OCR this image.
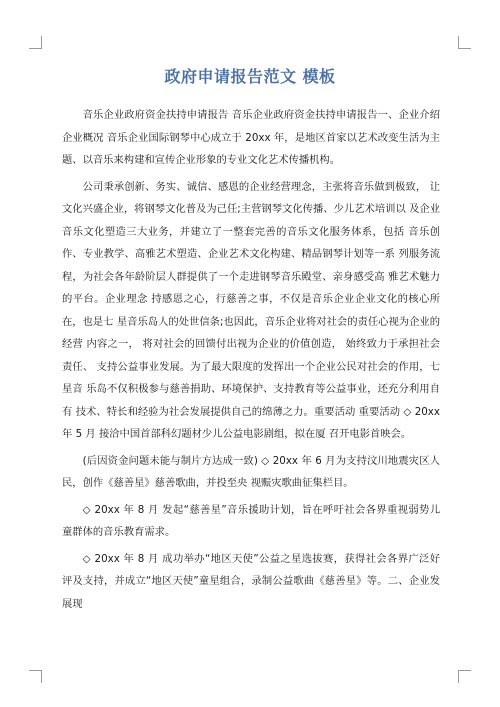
政府申请报告范文 模板

音乐企业政府资金扶持申请报告 音乐企业政府资金扶持申请报告一、企业介绍企业概况 音乐企业国际钢琴中心成立于 20xx 年，是地区首家以艺术改变生活为主题、以音乐来构建和宣传企业形象的专业文化艺术传播机构。

公司秉承创新、务实、诚信、感恩的企业经营理念，主张将音乐做到极致， 让文化兴盛企业，将钢琴文化普及为己任;主营钢琴文化传播、少儿艺术培训以 及企业音乐文化塑造三大业务，并建立了一整套完善的音乐文化服务体系，包括 音乐创作、专业教学、高雅艺术塑造、企业艺术文化构建、精品钢琴计划等一系 列服务流程，为社会各年龄阶层人群提供了一个走进钢琴音乐殿堂、亲身感受高 雅艺术魅力的平台。企业理念 持感恩之心，行慈善之事，不仅是音乐企业企业文化的核心所在，也是七 星音乐岛人的处世信条;也因此，音乐企业将对社会的责任心视为企业的经营 内容之一， 将对社会的回馈付出视为企业的价值创造， 始终致力于承担社会责任、 支持公益事业发展。为了最大限度的发挥出一个企业公民对社会的作用，七星音 乐岛不仅积极参与慈善捐助、环境保护、支持教育等公益事业，还充分利用自有 技术、特长和经验为社会发展提供自己的绵薄之力。重要活动 重要活动 ◇ 20xx 年 5 月 接洽中国首部科幻题材少儿公益电影剧组，拟在厦 召开电影首映会。

(后因资金问题未能与制片方达成一致) ◇ 20xx 年 6 月为支持汶川地震灾区人民，创作《慈善星》慈善歌曲，并投至央 视赈灾歌曲征集栏目。

◇ 20xx 年 8 月 发起“慈善星”音乐援助计划，旨在呼吁社会各界重视弱势儿 童群体的音乐教育需求。

◇ 20xx 年 8 月 成功举办“地区天使”公益之星选拔赛，获得社会各界广泛好 评及支持，并成立“地区天使”童星组合，录制公益歌曲《慈善星》等。二、企业发展现
